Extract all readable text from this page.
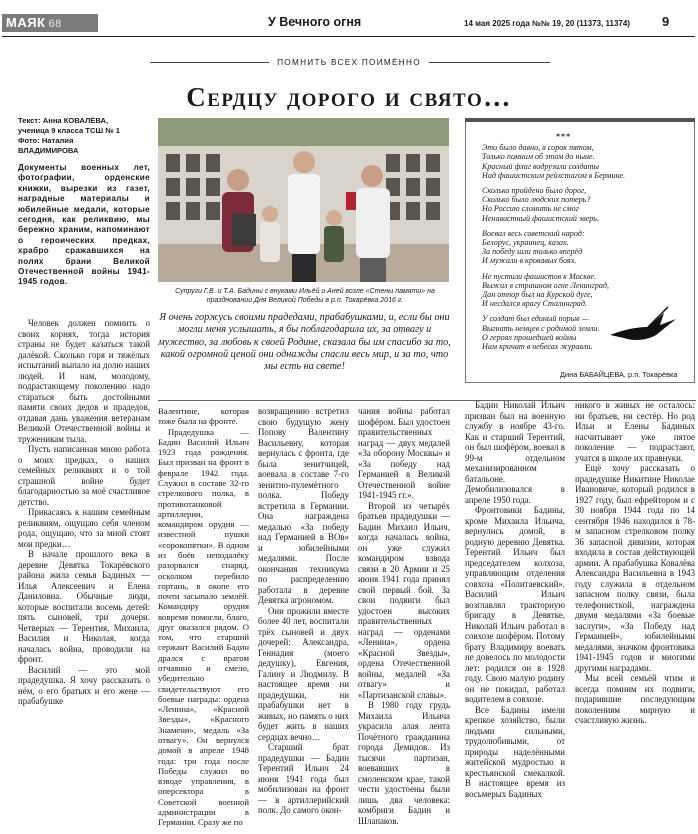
МАЯК 68	У Вечного огня	14 мая 2025 года №№ 19, 20 (11373, 11374) 9
ПОМНИТЬ ВСЕХ ПОИМЁННО
Сердцу дорого и свято…
Текст: Анна КОВАЛЁВА,
ученица 9 класса ТСШ № 1
Фото: Наталия
ВЛАДИМИРОВА
Документы военных лет, фотографии, орденские книжки, вырезки из газет, наградные материалы и юбилейные медали, которые сегодня, как реликвию, мы бережно храним, напоминают о героических предках, храбро сражавшихся на полях брани Великой Отечественной войны 1941-1945 годов.

Человек должен помнить о своих корнях, тогда история страны не будет казаться такой далёкой. Сколько горя и тяжёлых испытаний выпало на долю наших людей. И нам, молодому, подрастающему поколению надо стараться быть достойными памяти своих дедов и прадедов, отдавая дань уважения ветеранам Великой Отечественной войны и труженикам тыла.

Пусть написанная мною работа о моих предках, о наших семейных реликвиях и о той страшной войне будет благодарностью за моё счастливое детство.

Прикасаясь к нашим семейным реликвиям, ощущаю себя членом рода, ощущаю, что за мной стоят мои предки…

В начале прошлого века в деревне Девятка Токарёвского района жила семья Бадиных — Илья Алексеевич и Елена Даниловна. Обычные люди, которые воспитали восемь детей: пять сыновей, три дочери. Четверых — Терентия, Михаила, Василия и Николая, когда началась война, проводили на фронт.

Василий — это мой прадедушка. Я хочу рассказать о нём, о его братьях и его жене — прабабушке

Супруги Г.В. и Т.А. Бадины с внуками Ильёй и Аней возле «Стены памяти» на праздновании Дня Великой Победы в р.п. Токарёвка 2016 г.
***
Это было давно, в сорок пятом,
Только помним об этом до ныне.
Красный флаг водрузили солдаты
Над фашистским рейхстагом в Бермине.
Сколько пройдено было дорог,
Сколько было людских потерь?
Но Россию сломить не смог
Ненавистный фашистский зверь.
Воевал весь советский народ:
Белорус, украинец, казах.
За победу шли только вперёд
И мужали в кровавых боях.
Не пустили фашистов к Москве.
Выжил в страшном огне Ленинград,
Дан отпор был на Курской дуге,
И несдался врагу Сталинград.
У солдат был единый порыв —
Выгнать немцев с родимой земли.
О героях прошедшей войны
Нам кричат в небесах журавли.
Дина БАБАЙЦЕВА, р.п. Токарёвка
Я очень горжусь своими прадедами, прабабушками, и, если бы они могли меня услышать, я бы поблагодарила их, за отвагу и мужество, за любовь к своей Родине, сказала бы им спасибо за то, какой огромной ценой они однажды спасли весь мир, и за то, что мы есть на свете!

Валентине, которая тоже была на фронте.

Прадедушка — Бадин Василий Ильич 1923 года рождения. Был призван на фронт в феврале 1942 года. Служил в составе 32-го стрелкового полка, в противотанковой артиллерии, командиром орудия — известной пушки «сорокопятки». В одном из боёв неподалёку разорвался снаряд, осколком перебило гортань, в окопе его почти засыпало землёй. Командиру орудия вовремя помогли, благо, друг оказался рядом. О том, что старший сержант Василий Бадин дрался с врагом отчаянно и смело, убедительно свидетельствуют его боевые награды: ордена «Ленина», «Красной Звезды», «Красного Знамени», медаль «За отвагу». Он вернулся домой в апреле 1948 года: три года после Победы служил во взводе управления, в оперсектора в Советской военной администрации в Германии. Сразу же по

возвращению встретил свою будущую жену Попову Валентину Васильевну, которая вернулась с фронта, где была зенитчицей, воевала в составе 7-го зенитно-пулемётного полка. Победу встретила в Германии. Она награждена медалью «За победу над Германией в ВОв» и юбилейными медалями. После окончания техникума по распределению работала в деревне Девятка агрономом.

Они прожили вместе более 40 лет, воспитали трёх сыновей и двух дочерей: Александра, Геннадия (моего дедушку), Евгения, Галину и Людмилу. В настоящее время ни прадедушки, ни прабабушки нет в живых, но память о них будет жить в наших сердцах вечно…

Старший брат прадедушки — Бадин Терентий Ильич 24 июня 1941 года был мобилизован на фронт — в артиллерийский полк. До самого окон-

чания войны работал шофёром. Был удостоен правительственных наград — двух медалей «За оборону Москвы» и «За победу над Германией в Великой Отечественной войне 1941-1945 гг.».

Второй из четырёх братьев прадедушки — Бадин Михаил Ильич, когда началась война, он уже служил командиром взвода связи в 20 Армии и 25 июня 1941 года принял свой первый бой. За свои подвиги был удостоен высоких правительственных наград — орденами «Ленина», ордена «Красной Звезды», ордена Отечественной войны, медалей «За отвагу» и «Партизанской славы».

В 1980 году грудь Михаила Ильича украсила алая лента Почётного гражданина города Демидов. Из тысячи партизан, воевавших в смоленском крае, такой чести удостоены были лишь два человека: комбриги Бадин и Шлапаков.

Бадин Николай Ильич призван был на военную службу в ноябре 43-го. Как и старший Терентий, он был шофёром, воевал в 99-м отдельном механизированном батальоне. Демобилизовался в апреле 1950 года.

Фронтовики Бадины, кроме Михаила Ильича, вернулись домой, в родную деревню Девятка. Терентий Ильич был председателем колхоза, управляющим отделения совхоза «Политаевский». Василий Ильич возглавлял тракторную бригаду в Девятке, Николай Ильич работал в совхозе шофёром. Потому брату Владимиру воевать не довелось по молодости лет: родился он в 1928 году. Свою малую родину он не покидал, работал водителем в совхозе.

Все Бадины имели крепкое хозяйство, были людьми сильными, трудолюбивыми, от природы наделёнными житейской мудростью и крестьянской смекалкой. В настоящее время из восьмерых Бадиных

никого в живых не осталось: ни братьев, ни сестёр. Но род Ильи и Елены Бадиных насчитывает уже пятое поколение — подрастают, учатся в школе их правнуки.

Ещё хочу рассказать о прадедушке Никитине Николае Ивановиче, который родился в 1927 году, был ефрейтором и с 30 ноября 1944 года по 14 сентября 1946 находился в 78-м запасном стрелковом полку 36 запасной дивизии, которая входила в состав действующей армии. А прабабушка Ковалёва Александра Васильевна в 1943 году служила в отдельном запасном полку связи, была телефонисткой, награждена двумя медалями «За боевые заслуги», «За Победу над Германией», юбилейными медалями, значком фронтовика 1941-1945 годов и многими другими наградами.

Мы всей семьёй чтим и всегда помним их подвиги, подарившие последующим поколениям мирную и счастливую жизнь.
